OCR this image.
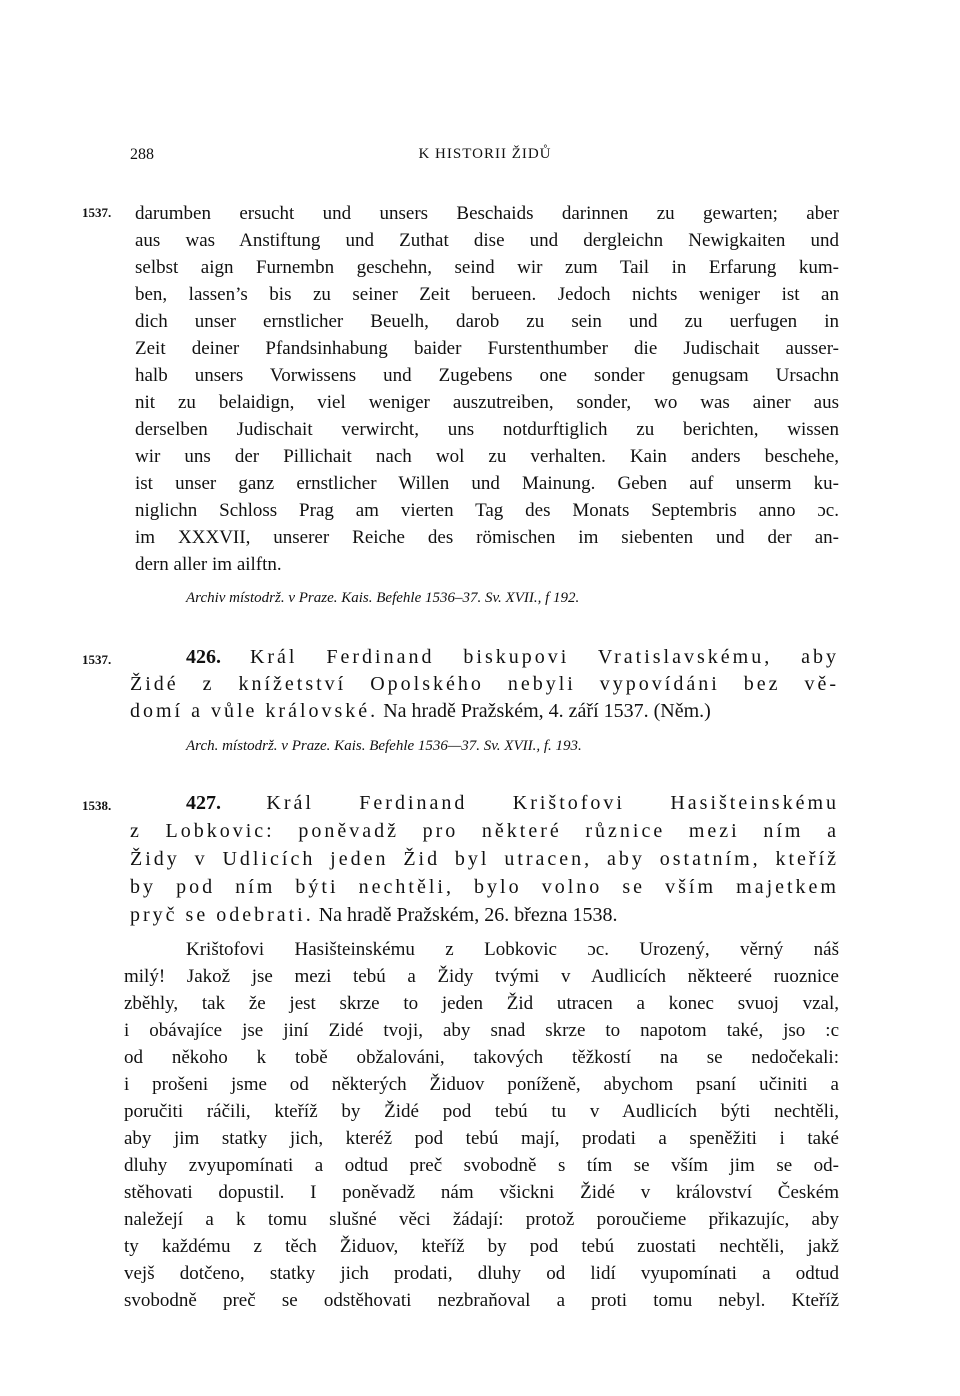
288	K HISTORII ŽIDŮ
1537. darumben ersucht und unsers Beschaids darinnen zu gewarten; aber
aus was Anstiftung und Zuthat dise und dergleichn Newigkaiten und
selbst aign Furnembn geschehn, seind wir zum Tail in Erfarung kum-
ben, lassen’s bis zu seiner Zeit berueen. Jedoch nichts weniger ist an
dich unser ernstlicher Beuelh, darob zu sein und zu uerfugen in
Zeit deiner Pfandsinhabung baider Furstenthumber die Judischait ausser-
halb unsers Vorwissens und Zugebens one sonder genugsam Ursachn
nit zu belaidign, viel weniger auszutreiben, sonder, wo was ainer aus
derselben Judischait verwircht, uns notdurftiglich zu berichten, wissen
wir uns der Pillichait nach wol zu verhalten. Kain anders beschehe,
ist unser ganz ernstlicher Willen und Mainung. Geben auf unserm ku-
niglichn Schloss Prag am vierten Tag des Monats Septembris anno ɔc.
im XXXVII, unserer Reiche des römischen im siebenten und der an-
dern aller im ailftn.
Archiv místodrž. v Praze. Kais. Befehle 1536–37. Sv. XVII., f 192.
1537.	426. Král Ferdinand biskupovi Vratislavskému, aby
Židé z knížetství Opolského nebyli vypovídáni bez vě-
domí a vůle královské. Na hradě Pražském, 4. září 1537. (Něm.)
Arch. místodrž. v Praze. Kais. Befehle 1536—37. Sv. XVII., f. 193.
1538.	427. Král Ferdinand Krištofovi Hasišteinskému
z Lobkovic: poněvadž pro některé různice mezi ním a
Židy v Udlicích jeden Žid byl utracen, aby ostatním, kteříž
by pod ním býti nechtěli, bylo volno se vším majetkem
pryč se odebrati. Na hradě Pražském, 26. března 1538.
Krištofovi Hasišteinskému z Lobkovic ɔc. Urozený, věrný náš
milý! Jakož jse mezi tebú a Židy tvými v Audlicích někteeré ruoznice
zběhly, tak že jest skrze to jeden Žid utracen a konec svuoj vzal,
i obávajíce jse jiní Zidé tvoji, aby snad skrze to napotom také, jso :c
od někoho k tobě obžalováni, takových těžkostí na se nedočekali:
i prošeni jsme od některých Židuov poníženě, abychom psaní učiniti a
poručiti ráčili, kteříž by Židé pod tebú tu v Audlicích býti nechtěli,
aby jim statky jich, kteréž pod tebú mají, prodati a speněžiti i také
dluhy zvyupomínati a odtud preč svobodně s tím se vším jim se od-
stěhovati dopustil. I poněvadž nám všickni Židé v království Českém
naležejí a k tomu slušné věci žádají: protož poroučieme přikazujíc, aby
ty každému z těch Židuov, kteříž by pod tebú zuostati nechtěli, jakž
vejš dotčeno, statky jich prodati, dluhy od lidí vyupomínati a odtud
svobodně preč se odstěhovati nezbraňoval a proti tomu nebyl. Kteříž
